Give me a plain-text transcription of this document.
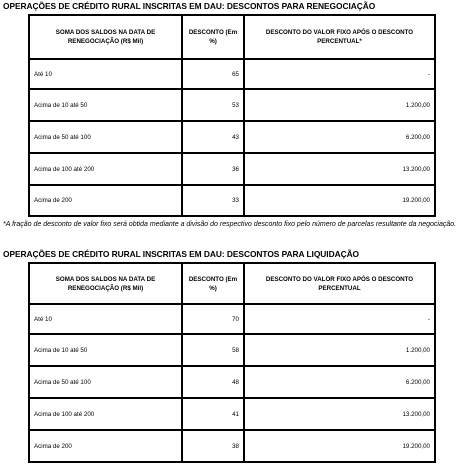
OPERAÇÕES DE CRÉDITO RURAL INSCRITAS EM DAU: DESCONTOS PARA RENEGOCIAÇÃO
SOMA DOS SALDOS NA DATA DE RENEGOCIAÇÃO (R$ Mil)	DESCONTO (Em %)	DESCONTO DO VALOR FIXO APÓS O DESCONTO PERCENTUAL*
Até 10	65	-
Acima de 10 até 50	53	1.200,00
Acima de 50 até 100	43	6.200,00
Acima de 100 até 200	36	13.200,00
Acima de 200	33	19.200,00
*A fração de desconto de valor fixo será obtida mediante a divisão do respectivo desconto fixo pelo número de parcelas resultante da negociação.
OPERAÇÕES DE CRÉDITO RURAL INSCRITAS EM DAU: DESCONTOS PARA LIQUIDAÇÃO
SOMA DOS SALDOS NA DATA DE RENEGOCIAÇÃO (R$ Mil)	DESCONTO (Em %)	DESCONTO DO VALOR FIXO APÓS O DESCONTO PERCENTUAL
Até 10	70	-
Acima de 10 até 50	58	1.200,00
Acima de 50 até 100	48	6.200,00
Acima de 100 até 200	41	13.200,00
Acima de 200	38	19.200,00
